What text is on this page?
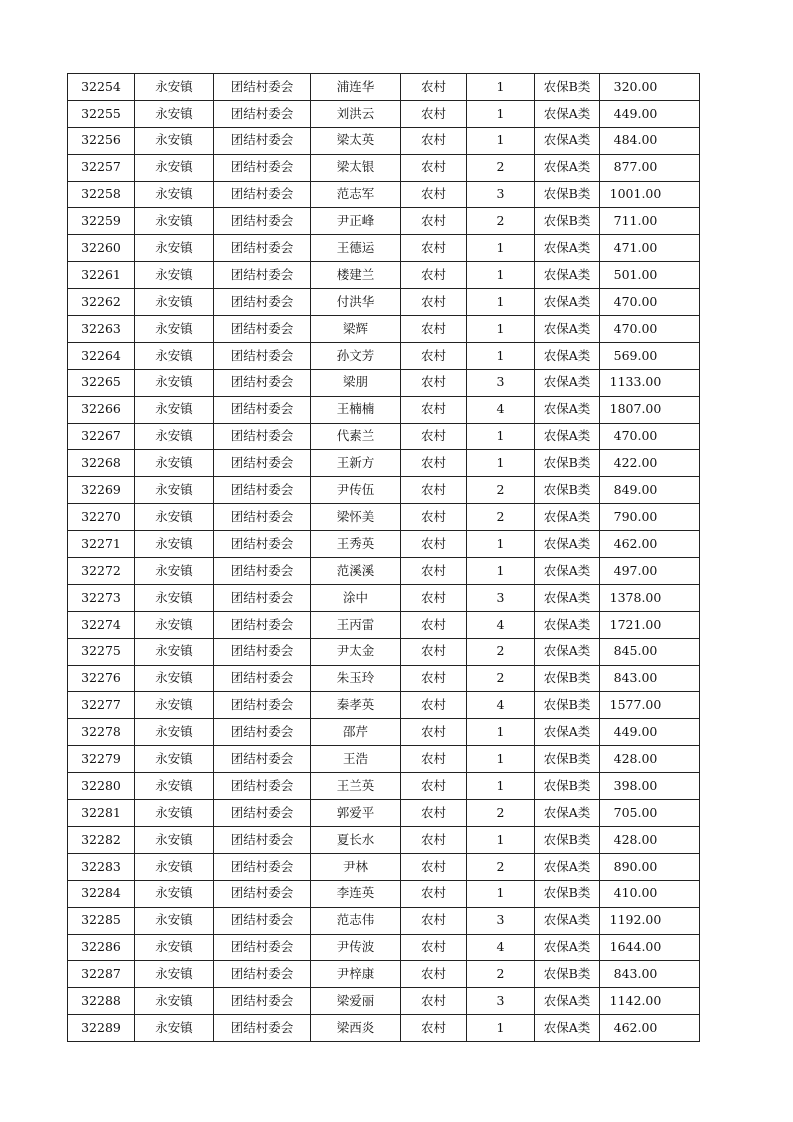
32254	永安镇	团结村委会	浦连华	农村	1	农保B类	320.00
32255	永安镇	团结村委会	刘洪云	农村	1	农保A类	449.00
32256	永安镇	团结村委会	梁太英	农村	1	农保A类	484.00
32257	永安镇	团结村委会	梁太银	农村	2	农保A类	877.00
32258	永安镇	团结村委会	范志军	农村	3	农保B类	1001.00
32259	永安镇	团结村委会	尹正峰	农村	2	农保B类	711.00
32260	永安镇	团结村委会	王德运	农村	1	农保A类	471.00
32261	永安镇	团结村委会	楼建兰	农村	1	农保A类	501.00
32262	永安镇	团结村委会	付洪华	农村	1	农保A类	470.00
32263	永安镇	团结村委会	梁辉	农村	1	农保A类	470.00
32264	永安镇	团结村委会	孙文芳	农村	1	农保A类	569.00
32265	永安镇	团结村委会	梁朋	农村	3	农保A类	1133.00
32266	永安镇	团结村委会	王楠楠	农村	4	农保A类	1807.00
32267	永安镇	团结村委会	代素兰	农村	1	农保A类	470.00
32268	永安镇	团结村委会	王新方	农村	1	农保B类	422.00
32269	永安镇	团结村委会	尹传伍	农村	2	农保B类	849.00
32270	永安镇	团结村委会	梁怀美	农村	2	农保A类	790.00
32271	永安镇	团结村委会	王秀英	农村	1	农保A类	462.00
32272	永安镇	团结村委会	范溪溪	农村	1	农保A类	497.00
32273	永安镇	团结村委会	涂中	农村	3	农保A类	1378.00
32274	永安镇	团结村委会	王丙雷	农村	4	农保A类	1721.00
32275	永安镇	团结村委会	尹太金	农村	2	农保A类	845.00
32276	永安镇	团结村委会	朱玉玲	农村	2	农保B类	843.00
32277	永安镇	团结村委会	秦孝英	农村	4	农保B类	1577.00
32278	永安镇	团结村委会	邵芹	农村	1	农保A类	449.00
32279	永安镇	团结村委会	王浩	农村	1	农保B类	428.00
32280	永安镇	团结村委会	王兰英	农村	1	农保B类	398.00
32281	永安镇	团结村委会	郭爱平	农村	2	农保A类	705.00
32282	永安镇	团结村委会	夏长水	农村	1	农保B类	428.00
32283	永安镇	团结村委会	尹林	农村	2	农保A类	890.00
32284	永安镇	团结村委会	李连英	农村	1	农保B类	410.00
32285	永安镇	团结村委会	范志伟	农村	3	农保A类	1192.00
32286	永安镇	团结村委会	尹传波	农村	4	农保A类	1644.00
32287	永安镇	团结村委会	尹梓康	农村	2	农保B类	843.00
32288	永安镇	团结村委会	梁爱丽	农村	3	农保A类	1142.00
32289	永安镇	团结村委会	梁西炎	农村	1	农保A类	462.00
